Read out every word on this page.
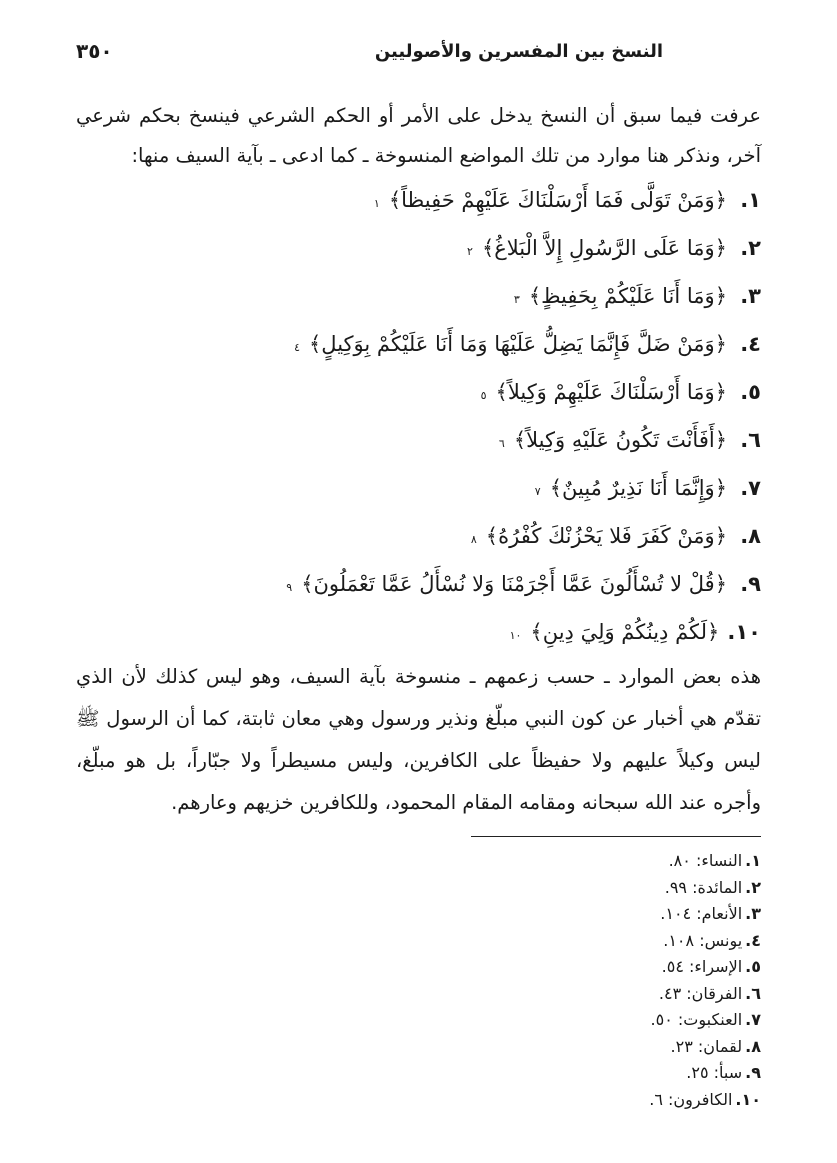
النسخ بين المفسرين والأصوليين
٣٥٠

عرفت فيما سبق أن النسخ يدخل على الأمر أو الحكم الشرعي فينسخ بحكم شرعي آخر، ونذكر هنا موارد من تلك المواضع المنسوخة ـ كما ادعى ـ بآية السيف منها:

١.
﴿وَمَنْ تَوَلَّى فَمَا أَرْسَلْنَاكَ عَلَيْهِمْ حَفِيظاً﴾
١
٢.
﴿وَمَا عَلَى الرَّسُولِ إِلاَّ الْبَلاغُ﴾
٢
٣.
﴿وَمَا أَنَا عَلَيْكُمْ بِحَفِيظٍ﴾
٣
٤.
﴿وَمَنْ ضَلَّ فَإِنَّمَا يَضِلُّ عَلَيْهَا وَمَا أَنَا عَلَيْكُمْ بِوَكِيلٍ﴾
٤
٥.
﴿وَمَا أَرْسَلْنَاكَ عَلَيْهِمْ وَكِيلاً﴾
٥
٦.
﴿أَفَأَنْتَ تَكُونُ عَلَيْهِ وَكِيلاً﴾
٦
٧.
﴿وَإِنَّمَا أَنَا نَذِيرٌ مُبِينٌ﴾
٧
٨.
﴿وَمَنْ كَفَرَ فَلا يَحْزُنْكَ كُفْرُهُ﴾
٨
٩.
﴿قُلْ لا تُسْأَلُونَ عَمَّا أَجْرَمْنَا وَلا نُسْأَلُ عَمَّا تَعْمَلُونَ﴾
٩
١٠.
﴿لَكُمْ دِينُكُمْ وَلِيَ دِينِ﴾
١٠

هذه بعض الموارد ـ حسب زعمهم ـ منسوخة بآية السيف، وهو ليس كذلك لأن الذي تقدّم هي أخبار عن كون النبي مبلّغ ونذير ورسول وهي معان ثابتة، كما أن الرسول ﷺ ليس وكيلاً عليهم ولا حفيظاً على الكافرين، وليس مسيطراً ولا جبّاراً، بل هو مبلّغ، وأجره عند الله سبحانه ومقامه المقام المحمود، وللكافرين خزيهم وعارهم.

١.
النساء: ٨٠.
٢.
المائدة: ٩٩.
٣.
الأنعام: ١٠٤.
٤.
يونس: ١٠٨.
٥.
الإسراء: ٥٤.
٦.
الفرقان: ٤٣.
٧.
العنكبوت: ٥٠.
٨.
لقمان: ٢٣.
٩.
سبأ: ٢٥.
١٠.
الكافرون: ٦.
